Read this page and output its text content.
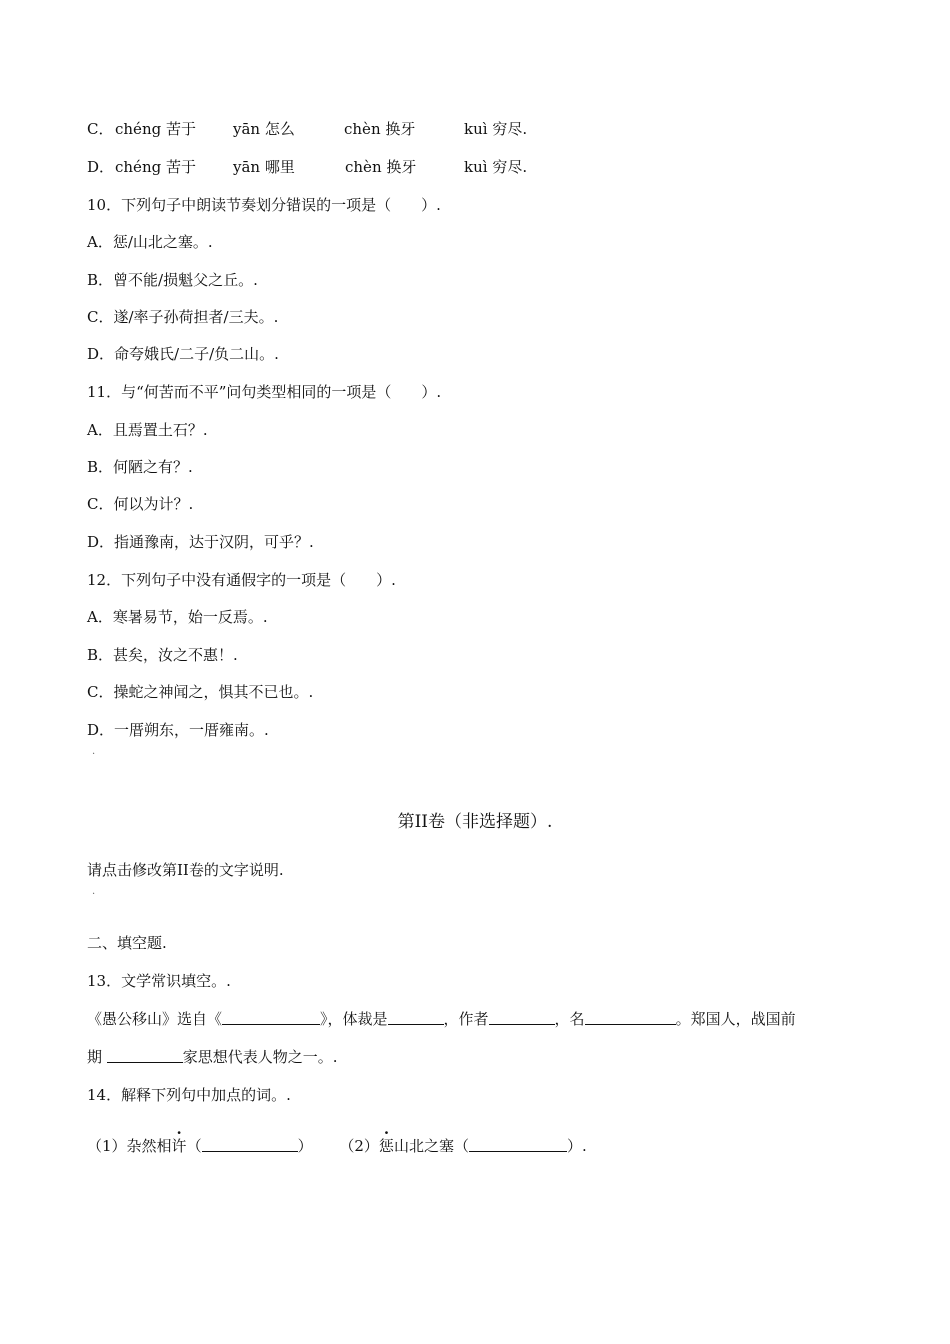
C． chéng 苦于 yān 怎么	chèn 换牙	kuì 穷尽.
D． chéng 苦于 yān 哪里	chèn 换牙	kuì 穷尽.
10．下列句子中朗读节奏划分错误的一项是（　　）.
A．惩/山北之塞。.
B．曾不能/损魁父之丘。.
C．遂/率子孙荷担者/三夫。.
D．命夸娥氏/二子/负二山。.
11．与“何苦而不平”问句类型相同的一项是（　　）.
A．且焉置土石？.
B．何陋之有？.
C．何以为计？.
D．指通豫南，达于汉阴，可乎？.
12．下列句子中没有通假字的一项是（　　）.
A．寒暑易节，始一反焉。.
B．甚矣，汝之不惠！.
C．操蛇之神闻之，惧其不已也。.
D．一厝朔东，一厝雍南。.
.
第II卷（非选择题）.
请点击修改第II卷的文字说明.
.
二、填空题.
13．文学常识填空。.
《愚公移山》选自《	》，体裁是	，作者	，名	。郑国人，战国前
期	家思想代表人物之一。.
14．解释下列句中加点的词。.
（1）杂然相许（	） （2）惩山北之塞（	）.
